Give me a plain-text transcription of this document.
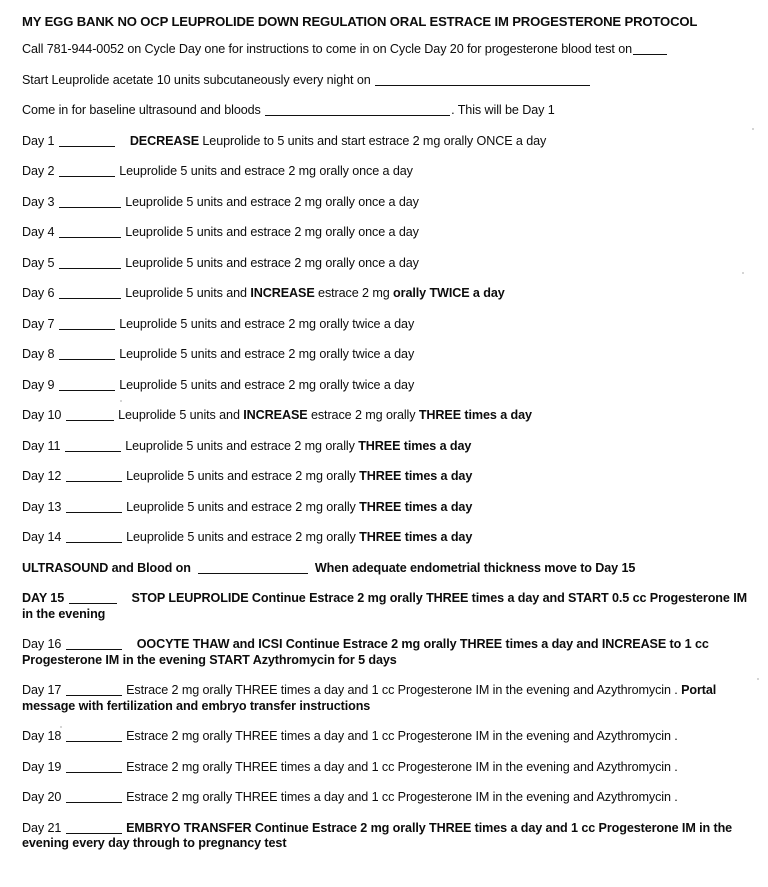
MY EGG BANK NO OCP LEUPROLIDE DOWN REGULATION ORAL ESTRACE IM PROGESTERONE PROTOCOL
Call 781-944-0052 on Cycle Day one for instructions to come in on Cycle Day 20 for progesterone blood test on
Start Leuprolide acetate 10 units subcutaneously every night on
Come in for baseline ultrasound and bloods	. This will be Day 1
Day 1	DECREASE Leuprolide to 5 units and start estrace 2 mg orally ONCE a day
Day 2	Leuprolide 5 units and estrace 2 mg orally once a day
Day 3	Leuprolide 5 units and estrace 2 mg orally once a day
Day 4	Leuprolide 5 units and estrace 2 mg orally once a day
Day 5	Leuprolide 5 units and estrace 2 mg orally once a day
Day 6	Leuprolide 5 units and INCREASE estrace 2 mg orally TWICE a day
Day 7	Leuprolide 5 units and estrace 2 mg orally twice a day
Day 8	Leuprolide 5 units and estrace 2 mg orally twice a day
Day 9	Leuprolide 5 units and estrace 2 mg orally twice a day
Day 10	Leuprolide 5 units and INCREASE estrace 2 mg orally THREE times a day
Day 11	Leuprolide 5 units and estrace 2 mg orally THREE times a day
Day 12	Leuprolide 5 units and estrace 2 mg orally THREE times a day
Day 13	Leuprolide 5 units and estrace 2 mg orally THREE times a day
Day 14	Leuprolide 5 units and estrace 2 mg orally THREE times a day
ULTRASOUND and Blood on	When adequate endometrial thickness move to Day 15
DAY 15	STOP LEUPROLIDE Continue Estrace 2 mg orally THREE times a day and START 0.5 cc Progesterone IM in the evening
Day 16	OOCYTE THAW and ICSI Continue Estrace 2 mg orally THREE times a day and INCREASE to 1 cc Progesterone IM in the evening START Azythromycin for 5 days
Day 17	Estrace 2 mg orally THREE times a day and 1 cc Progesterone IM in the evening and Azythromycin . Portal message with fertilization and embryo transfer instructions
Day 18	Estrace 2 mg orally THREE times a day and 1 cc Progesterone IM in the evening and Azythromycin .
Day 19	Estrace 2 mg orally THREE times a day and 1 cc Progesterone IM in the evening and Azythromycin .
Day 20	Estrace 2 mg orally THREE times a day and 1 cc Progesterone IM in the evening and Azythromycin .
Day 21	EMBRYO TRANSFER Continue Estrace 2 mg orally THREE times a day and 1 cc Progesterone IM in the evening every day through to pregnancy test
